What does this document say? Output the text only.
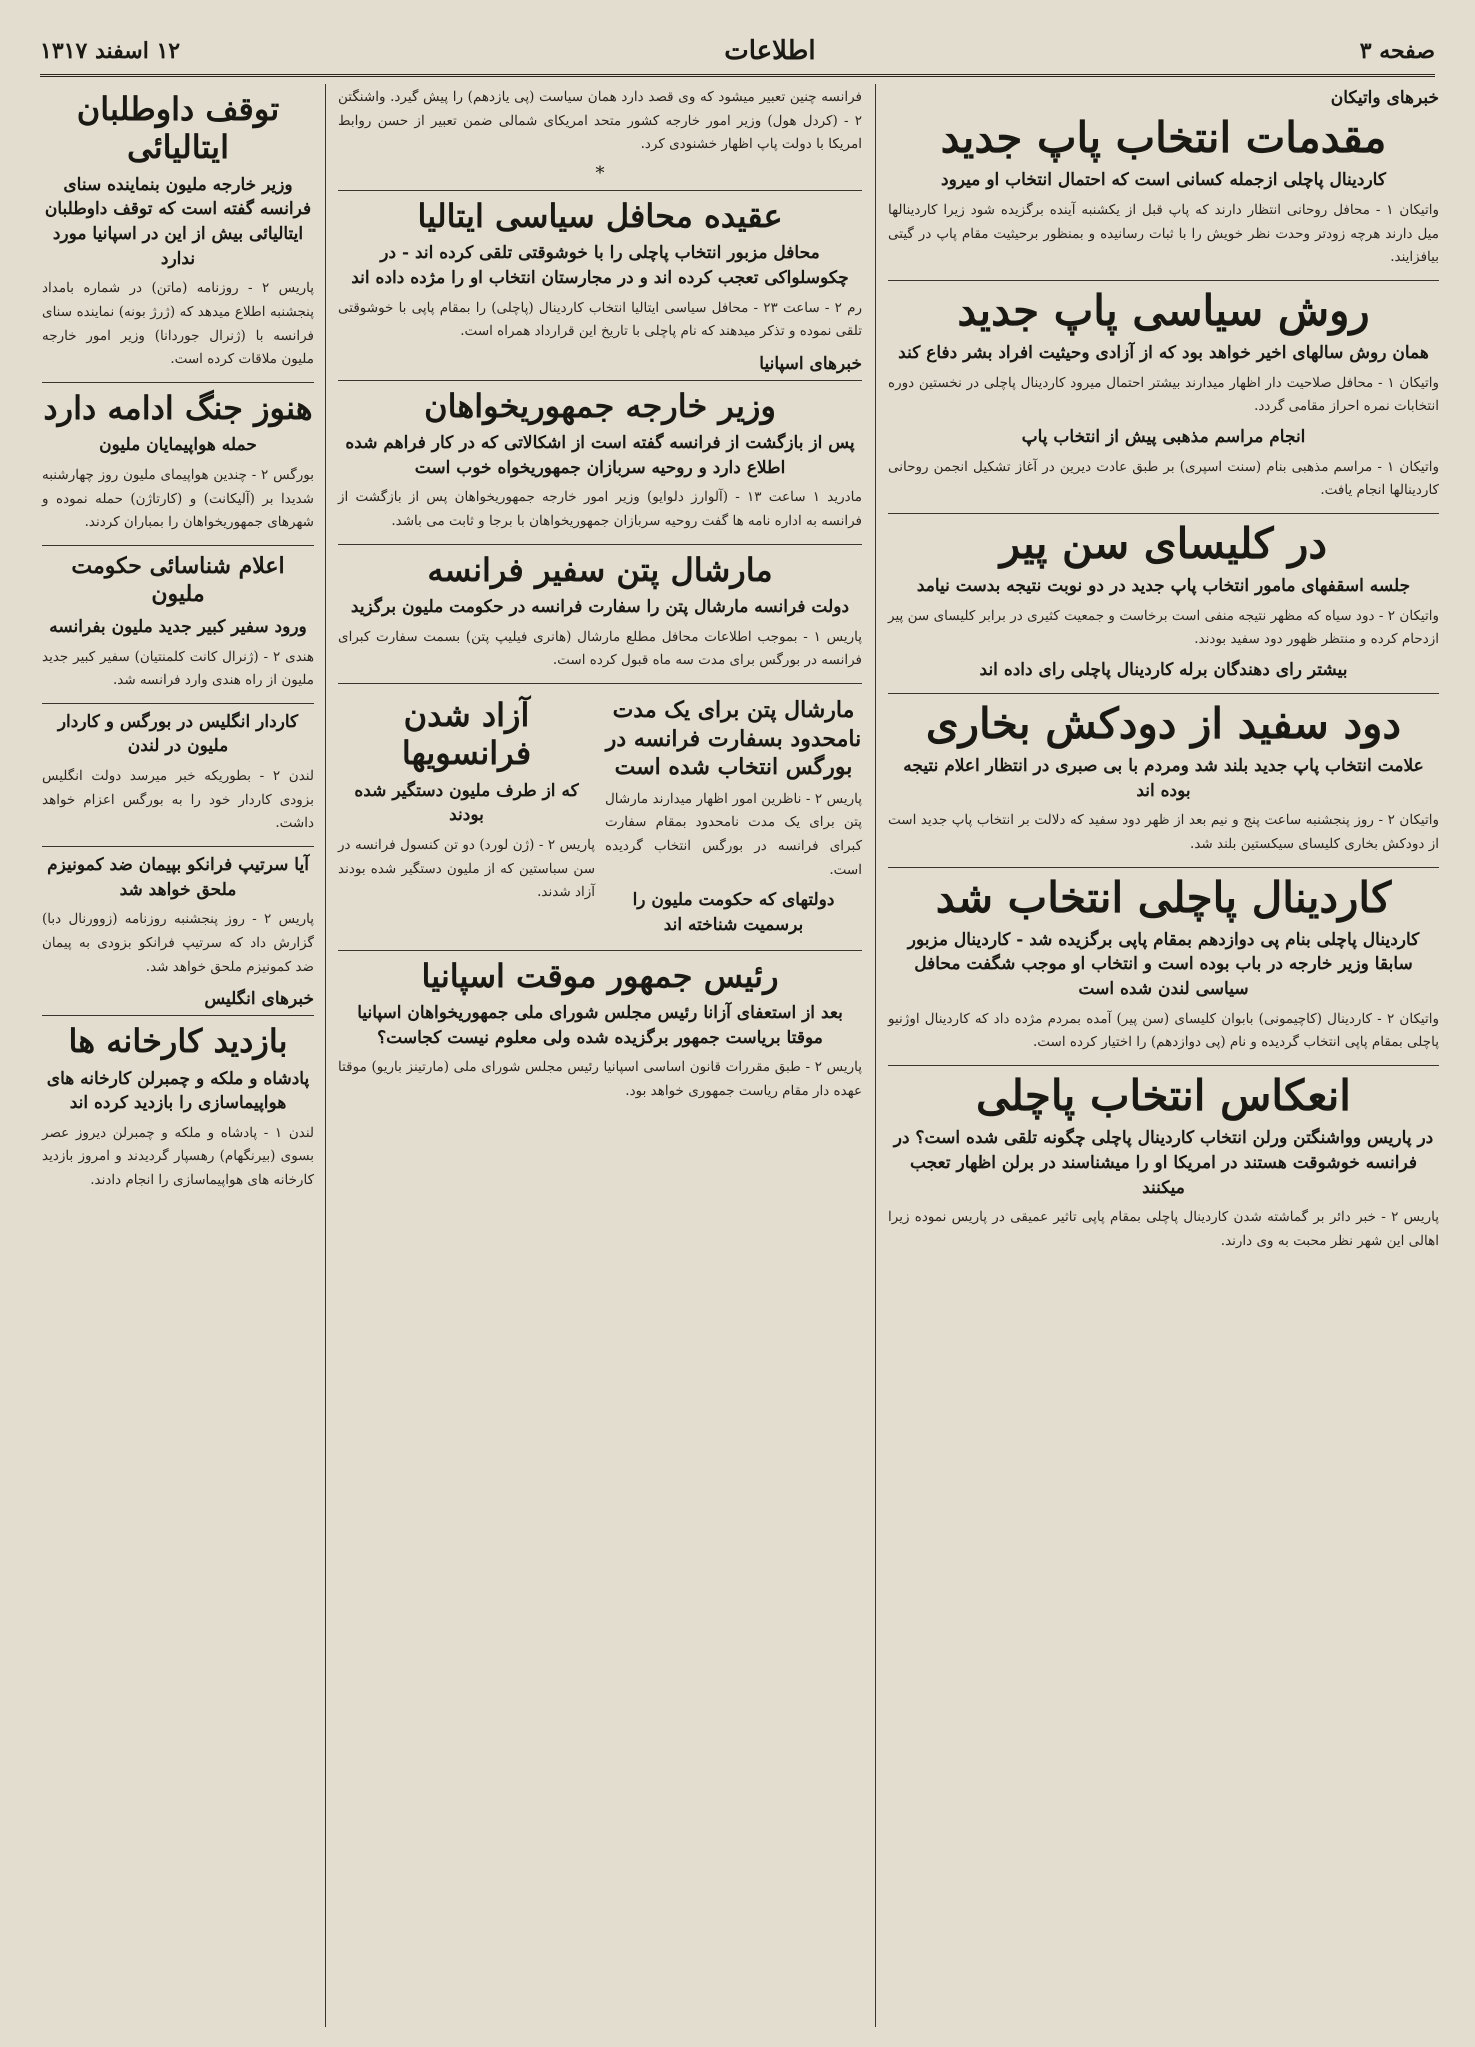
صفحه ۳
اطلاعات
۱۲ اسفند ۱۳۱۷
خبرهای واتیکان
مقدمات انتخاب پاپ جدید
کاردینال پاچلی ازجمله کسانی است که احتمال انتخاب او میرود

واتیکان ۱ - محافل روحانی انتظار دارند که پاپ قبل از یکشنبه آینده برگزیده شود زیرا کاردینالها میل دارند هرچه زودتر وحدت نظر خویش را با ثبات رسانیده و بمنظور برحیثیت مقام پاپ در گیتی بیافزایند.

روش سیاسی پاپ جدید
همان روش سالهای اخیر خواهد بود که از آزادی وحیثیت افراد بشر دفاع کند

واتیکان ۱ - محافل صلاحیت دار اظهار میدارند بیشتر احتمال میرود کاردینال پاچلی در نخستین دوره انتخابات نمره احراز مقامی گردد.

انجام مراسم مذهبی پیش از انتخاب پاپ

واتیکان ۱ - مراسم مذهبی بنام (سنت اسپری) بر طبق عادت دیرین در آغاز تشکیل انجمن روحانی کاردینالها انجام یافت.

در کلیسای سن پیر
جلسه اسقفهای مامور انتخاب پاپ جدید در دو نوبت نتیجه بدست نیامد

واتیکان ۲ - دود سیاه که مظهر نتیجه منفی است برخاست و جمعیت کثیری در برابر کلیسای سن پیر ازدحام کرده و منتظر ظهور دود سفید بودند.

بیشتر رای دهندگان برله کاردینال پاچلی رای داده اند
دود سفید از دودکش بخاری
علامت انتخاب پاپ جدید بلند شد ومردم با بی صبری در انتظار اعلام نتیجه بوده اند

واتیکان ۲ - روز پنجشنبه ساعت پنج و نیم بعد از ظهر دود سفید که دلالت بر انتخاب پاپ جدید است از دودکش بخاری کلیسای سیکستین بلند شد.

کاردینال پاچلی انتخاب شد
کاردینال پاچلی بنام پی دوازدهم بمقام پاپی برگزیده شد - کاردینال مزبور سابقا وزیر خارجه در باب بوده است و انتخاب او موجب شگفت محافل سیاسی لندن شده است

واتیکان ۲ - کاردینال (کاچیمونی) بابوان کلیسای (سن پیر) آمده بمردم مژده داد که کاردینال اوژنیو پاچلی بمقام پاپی انتخاب گردیده و نام (پی دوازدهم) را اختیار کرده است.

انعکاس انتخاب پاچلی
در پاریس وواشنگتن ورلن انتخاب کاردینال پاچلی چگونه تلقی شده است؟ در فرانسه خوشوقت هستند در امریکا او را میشناسند در برلن اظهار تعجب میکنند

پاریس ۲ - خبر دائر بر گماشته شدن کاردینال پاچلی بمقام پاپی تاثیر عمیقی در پاریس نموده زیرا اهالی این شهر نظر محبت به وی دارند.

فرانسه چنین تعبیر میشود که وی قصد دارد همان سیاست (پی یازدهم) را پیش گیرد. واشنگتن ۲ - (کردل هول) وزیر امور خارجه کشور متحد امریکای شمالی ضمن تعبیر از حسن روابط امریکا با دولت پاپ اظهار خشنودی کرد.

*
عقیده محافل سیاسی ایتالیا
محافل مزبور انتخاب پاچلی را با خوشوقتی تلقی کرده اند - در چکوسلواکی تعجب کرده اند و در مجارستان انتخاب او را مژده داده اند

رم ۲ - ساعت ۲۳ - محافل سیاسی ایتالیا انتخاب کاردینال (پاچلی) را بمقام پاپی با خوشوقتی تلقی نموده و تذکر میدهند که نام پاچلی با تاریخ این قرارداد همراه است.

خبرهای اسپانیا
وزیر خارجه جمهوریخواهان
پس از بازگشت از فرانسه گفته است از اشکالاتی که در کار فراهم شده اطلاع دارد و روحیه سربازان جمهوریخواه خوب است

مادرید ۱ ساعت ۱۳ - (آلوارز دلوایو) وزیر امور خارجه جمهوریخواهان پس از بازگشت از فرانسه به اداره نامه ها گفت روحیه سربازان جمهوریخواهان با برجا و ثابت می باشد.

مارشال پتن سفیر فرانسه
دولت فرانسه مارشال پتن را سفارت فرانسه در حکومت ملیون برگزید

پاریس ۱ - بموجب اطلاعات محافل مطلع مارشال (هانری فیلیپ پتن) بسمت سفارت کبرای فرانسه در بورگس برای مدت سه ماه قبول کرده است.

مارشال پتن برای یک مدت نامحدود بسفارت فرانسه در بورگس انتخاب شده است

پاریس ۲ - ناظرین امور اظهار میدارند مارشال پتن برای یک مدت نامحدود بمقام سفارت کبرای فرانسه در بورگس انتخاب گردیده است.

دولتهای که حکومت ملیون را برسمیت شناخته اند
آزاد شدن فرانسویها
که از طرف ملیون دستگیر شده بودند

پاریس ۲ - (ژن لورد) دو تن کنسول فرانسه در سن سباستین که از ملیون دستگیر شده بودند آزاد شدند.

رئیس جمهور موقت اسپانیا
بعد از استعفای آزانا رئیس مجلس شورای ملی جمهوریخواهان اسپانیا موقتا بریاست جمهور برگزیده شده ولی معلوم نیست کجاست؟

پاریس ۲ - طبق مقررات قانون اساسی اسپانیا رئیس مجلس شورای ملی (مارتینز باریو) موقتا عهده دار مقام ریاست جمهوری خواهد بود.

توقف داوطلبان ایتالیائی
وزیر خارجه ملیون بنماینده سنای فرانسه گفته است که توقف داوطلبان ایتالیائی بیش از این در اسپانیا مورد ندارد

پاریس ۲ - روزنامه (ماتن) در شماره بامداد پنجشنبه اطلاع میدهد که (ژرژ بونه) نماینده سنای فرانسه با (ژنرال جوردانا) وزیر امور خارجه ملیون ملاقات کرده است.

هنوز جنگ ادامه دارد
حمله هواپیمایان ملیون

بورگس ۲ - چندین هواپیمای ملیون روز چهارشنبه شدیدا بر (آلیکانت) و (کارتاژن) حمله نموده و شهرهای جمهوریخواهان را بمباران کردند.

اعلام شناسائی حکومت ملیون
ورود سفیر کبیر جدید ملیون بفرانسه

هندی ۲ - (ژنرال کانت کلمنتیان) سفیر کبیر جدید ملیون از راه هندی وارد فرانسه شد.

کاردار انگلیس در بورگس و کاردار ملیون در لندن

لندن ۲ - بطوریکه خبر میرسد دولت انگلیس بزودی کاردار خود را به بورگس اعزام خواهد داشت.

آیا سرتیپ فرانکو بپیمان ضد کمونیزم ملحق خواهد شد

پاریس ۲ - روز پنجشنبه روزنامه (زوورنال دبا) گزارش داد که سرتیپ فرانکو بزودی به پیمان ضد کمونیزم ملحق خواهد شد.

خبرهای انگلیس
بازدید کارخانه ها
پادشاه و ملکه و چمبرلن کارخانه های هواپیماسازی را بازدید کرده اند

لندن ۱ - پادشاه و ملکه و چمبرلن دیروز عصر بسوی (بیرنگهام) رهسپار گردیدند و امروز بازدید کارخانه های هواپیماسازی را انجام دادند.
